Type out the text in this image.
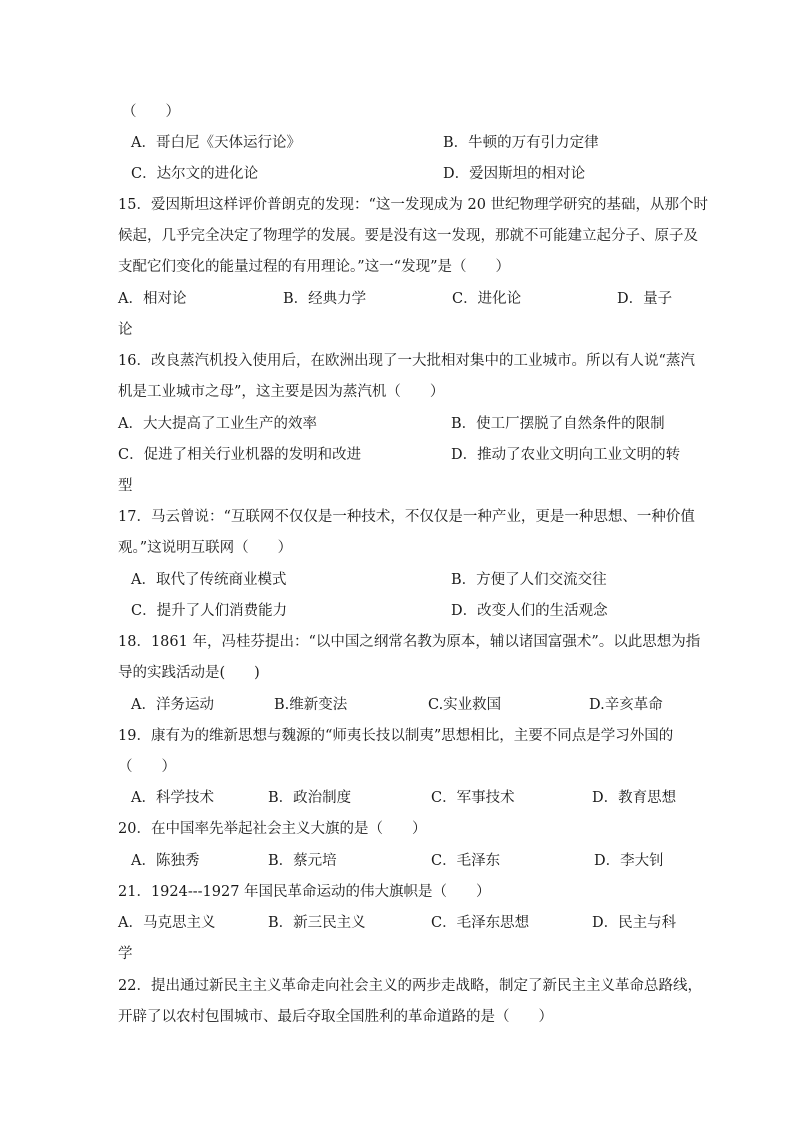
（　　）
A．哥白尼《天体运行论》	B．牛顿的万有引力定律
C．达尔文的进化论	D．爱因斯坦的相对论
15．爱因斯坦这样评价普朗克的发现：“这一发现成为 20 世纪物理学研究的基础，从那个时
候起，几乎完全决定了物理学的发展。要是没有这一发现，那就不可能建立起分子、原子及
支配它们变化的能量过程的有用理论。”这一“发现”是（　　）
A．相对论	B．经典力学	C．进化论	D．量子
论
16．改良蒸汽机投入使用后，在欧洲出现了一大批相对集中的工业城市。所以有人说“蒸汽
机是工业城市之母”，这主要是因为蒸汽机（　　）
A．大大提高了工业生产的效率	B．使工厂摆脱了自然条件的限制
C．促进了相关行业机器的发明和改进	D．推动了农业文明向工业文明的转
型
17．马云曾说：“互联网不仅仅是一种技术，不仅仅是一种产业，更是一种思想、一种价值
观。”这说明互联网（　　）
A．取代了传统商业模式	B．方便了人们交流交往
C．提升了人们消费能力	D．改变人们的生活观念
18．1861 年，冯桂芬提出：“以中国之纲常名教为原本，辅以诸国富强术”。以此思想为指
导的实践活动是(　　)
A．洋务运动	B.维新变法	C.实业救国	D.辛亥革命
19．康有为的维新思想与魏源的“师夷长技以制夷”思想相比，主要不同点是学习外国的
（　　）
A．科学技术	B．政治制度	C．军事技术	D．教育思想
20．在中国率先举起社会主义大旗的是（　　）
A．陈独秀	B．蔡元培	C．毛泽东	D．李大钊
21．1924---1927 年国民革命运动的伟大旗帜是（　　）
A．马克思主义	B．新三民主义	C．毛泽东思想	D．民主与科
学
22．提出通过新民主主义革命走向社会主义的两步走战略，制定了新民主主义革命总路线，
开辟了以农村包围城市、最后夺取全国胜利的革命道路的是（　　）
